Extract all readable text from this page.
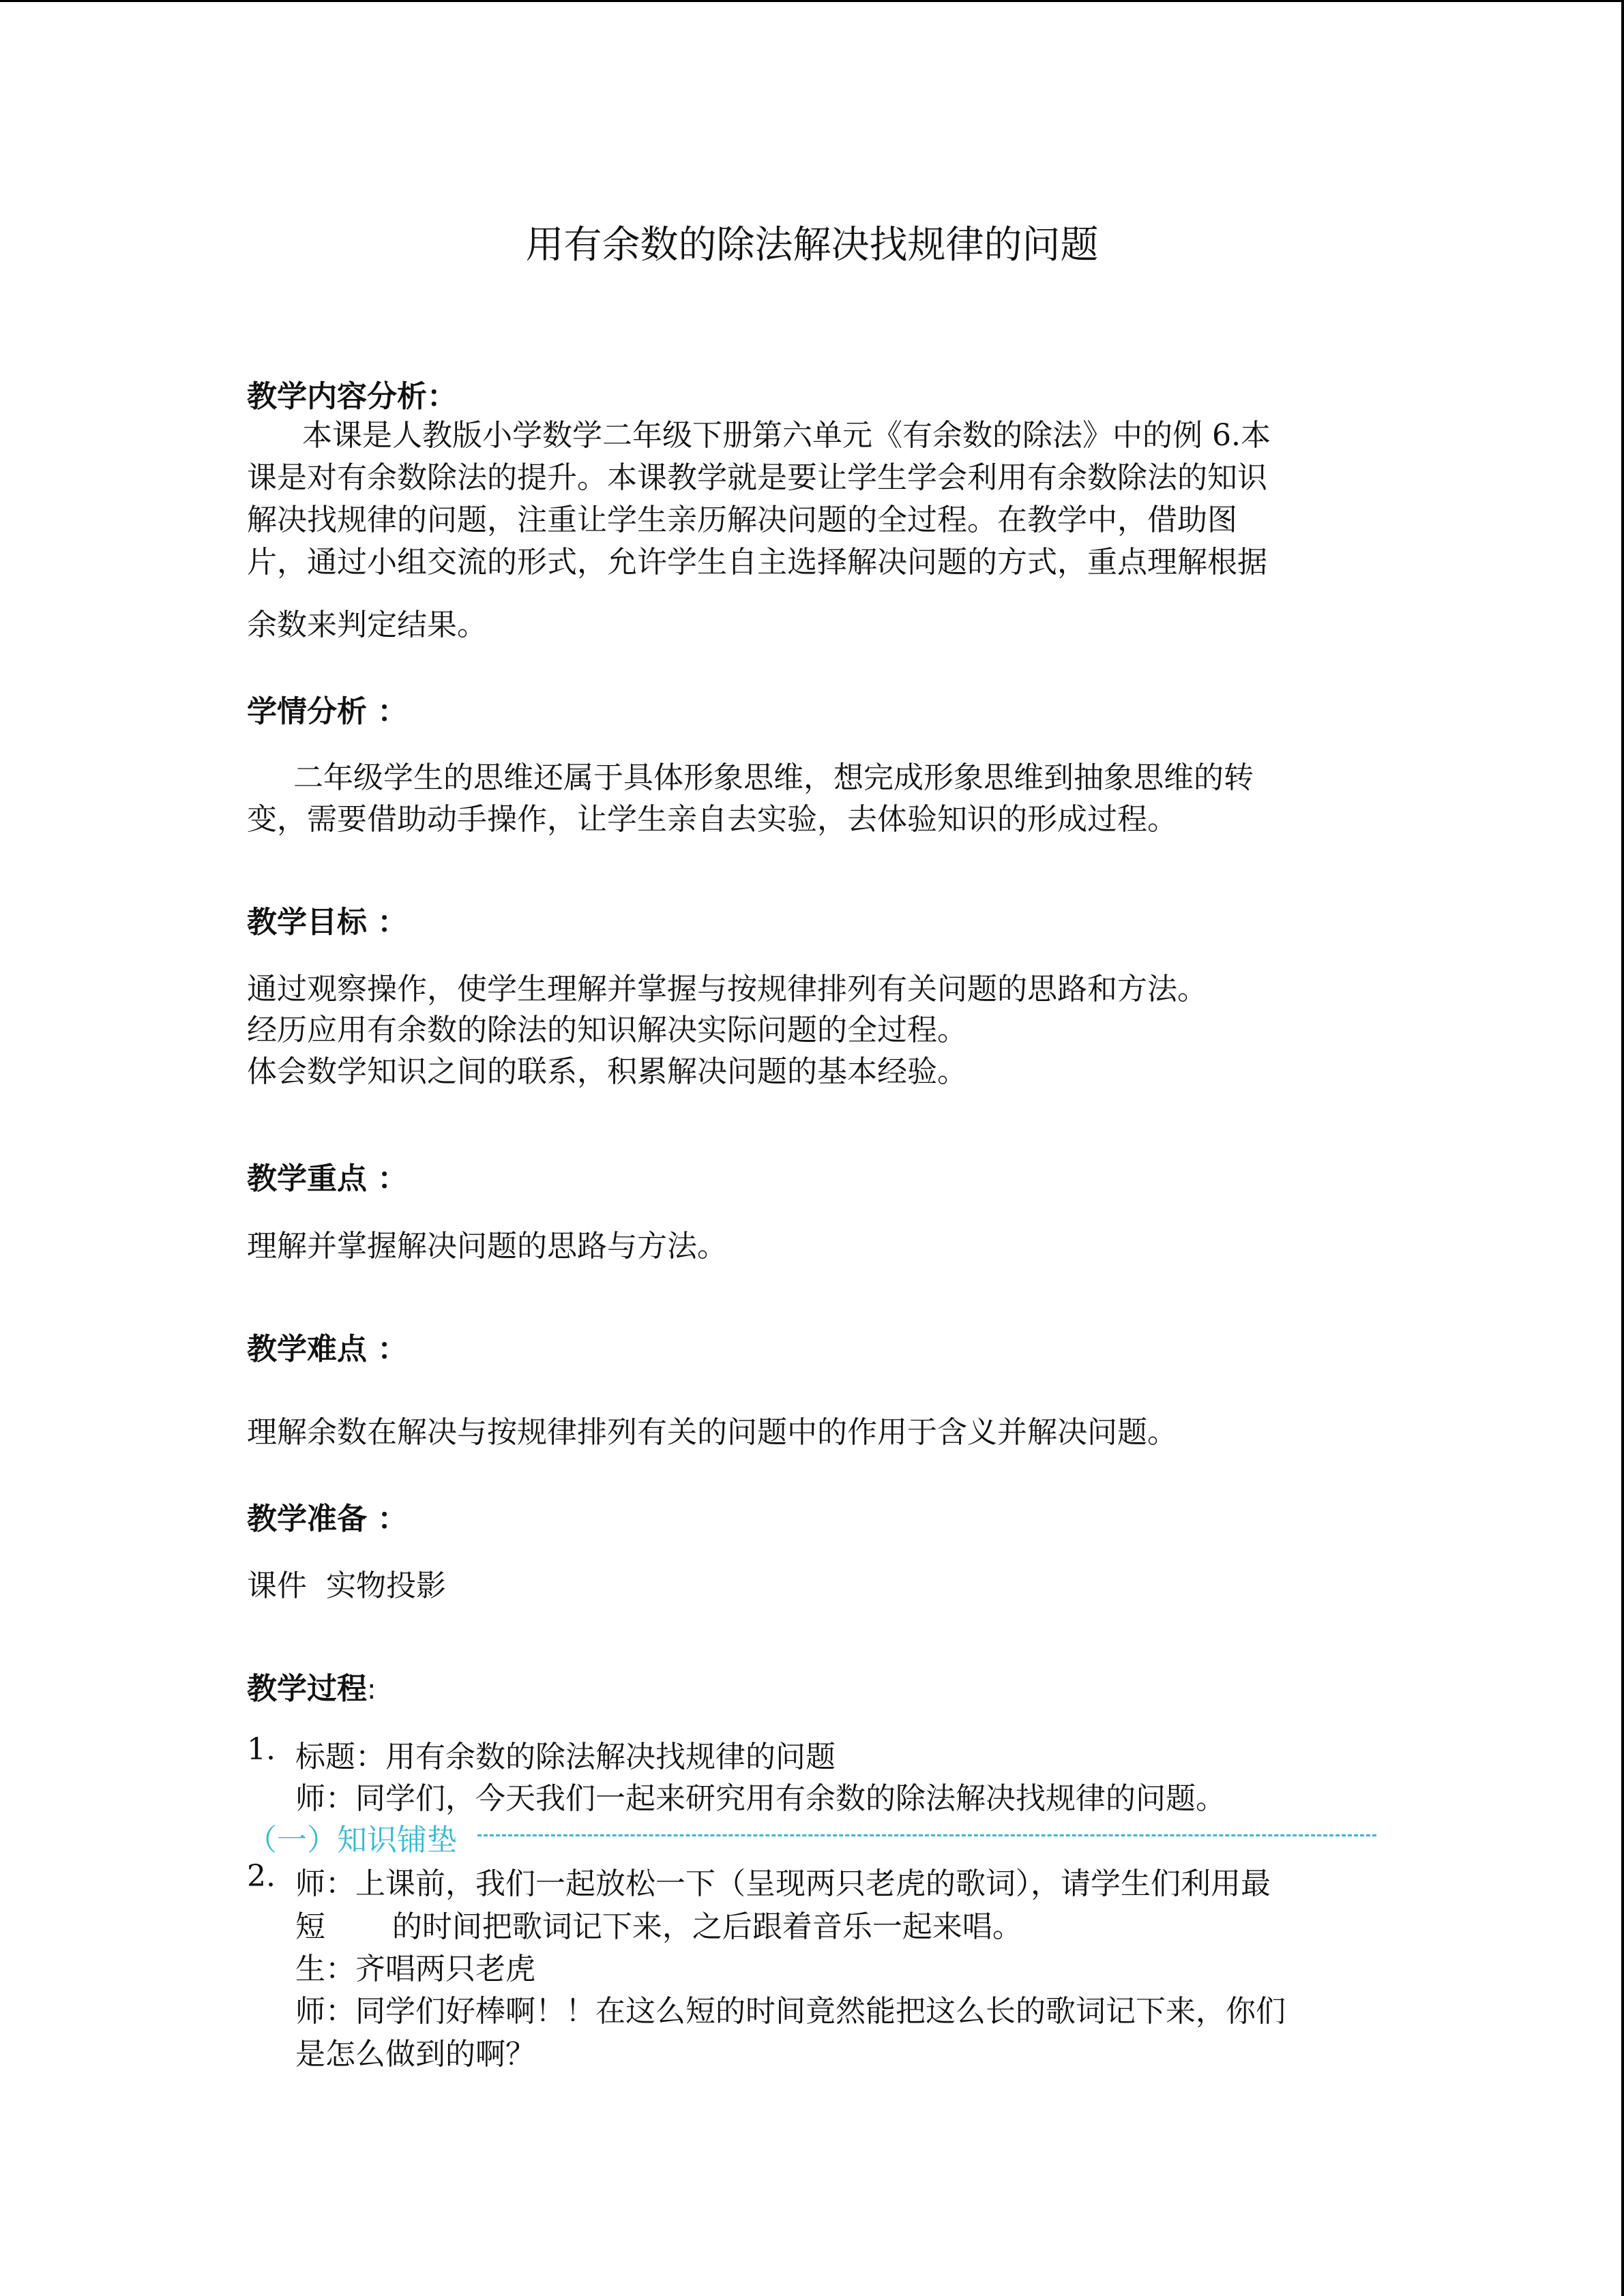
用有余数的除法解决找规律的问题
教学内容分析：
本课是人教版小学数学二年级下册第六单元《有余数的除法》中的例 6.本
课是对有余数除法的提升。本课教学就是要让学生学会利用有余数除法的知识
解决找规律的问题，注重让学生亲历解决问题的全过程。在教学中，借助图
片，通过小组交流的形式，允许学生自主选择解决问题的方式，重点理解根据
余数来判定结果。
学情分析 ：
二年级学生的思维还属于具体形象思维，想完成形象思维到抽象思维的转
变，需要借助动手操作，让学生亲自去实验，去体验知识的形成过程。
教学目标 ：
通过观察操作，使学生理解并掌握与按规律排列有关问题的思路和方法。
经历应用有余数的除法的知识解决实际问题的全过程。
体会数学知识之间的联系，积累解决问题的基本经验。
教学重点 ：
理解并掌握解决问题的思路与方法。
教学难点 ：
理解余数在解决与按规律排列有关的问题中的作用于含义并解决问题。
教学准备 ：
课件  实物投影
教学过程:
1. 标题：用有余数的除法解决找规律的问题
师：同学们，今天我们一起来研究用有余数的除法解决找规律的问题。
（一）知识铺垫
2. 师：上课前，我们一起放松一下（呈现两只老虎的歌词），请学生们利用最
短       的时间把歌词记下来，之后跟着音乐一起来唱。
生：齐唱两只老虎
师：同学们好棒啊！！在这么短的时间竟然能把这么长的歌词记下来，你们
是怎么做到的啊？
